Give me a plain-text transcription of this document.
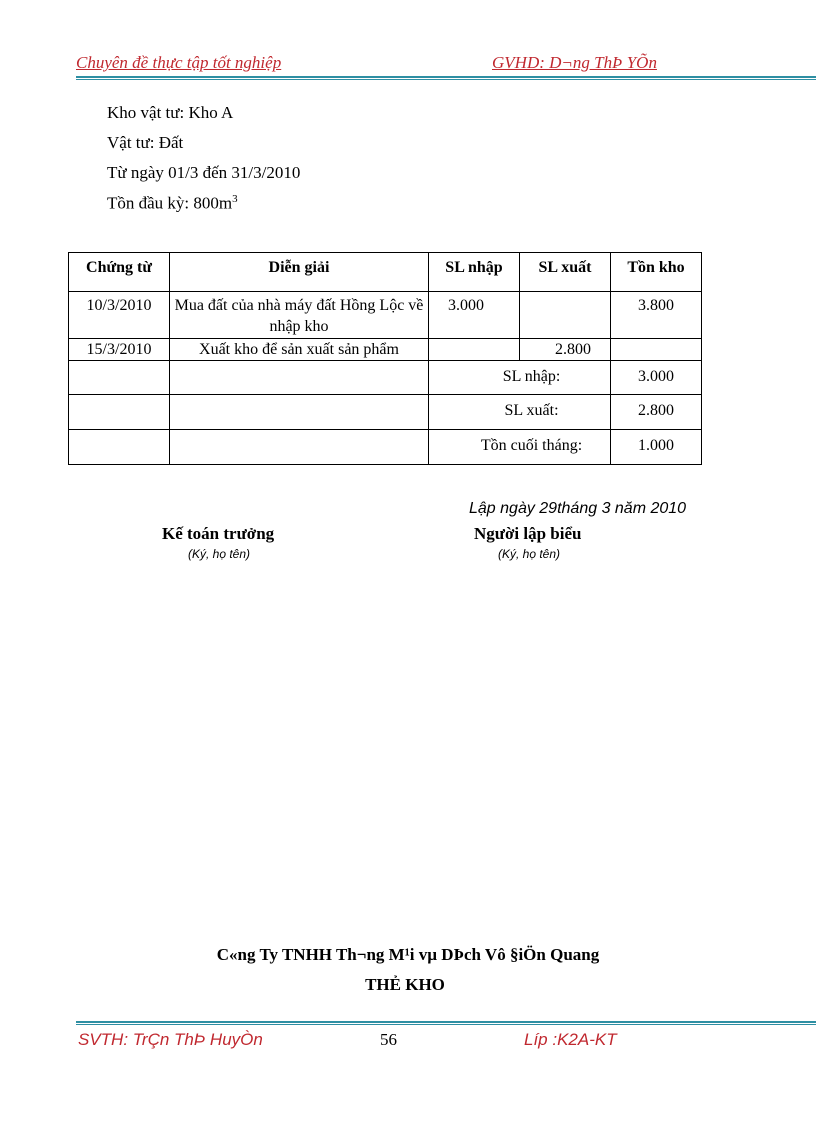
Chuyên đề thực tập tốt nghiệp	GVHD: D¬ng ThÞ YÕn
Kho vật tư: Kho A
Vật tư: Đất
Từ ngày 01/3 đến 31/3/2010
Tồn đầu kỳ: $800m^3$
Chứng từ	Diễn giải	SL nhập	SL xuất	Tồn kho
10/3/2010	Mua đất của nhà máy đất Hồng Lộc về nhập kho	3.000		3.800
15/3/2010	Xuất kho để sản xuất sản phẩm		2.800	
		SL nhập:		3.000
		SL xuất:		2.800
		Tồn cuối tháng:		1.000
Lập ngày 29tháng 3 năm 2010
Kế toán trưởng
(Ký, họ tên)
Người lập biểu
(Ký, họ tên)
C«ng Ty TNHH Th¬ng M¹i vµ DÞch Vô §iÖn Quang
THẺ KHO
SVTH: TrÇn ThÞ HuyÒn	56	Líp :K2A-KT
